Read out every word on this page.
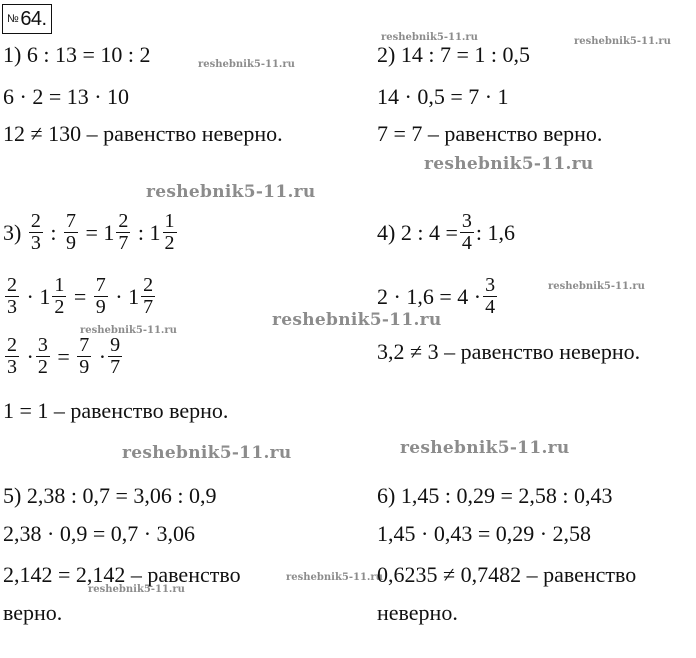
№ 64.
reshebnik5-11.ru
reshebnik5-11.ru
reshebnik5-11.ru
reshebnik5-11.ru
reshebnik5-11.ru
reshebnik5-11.ru
reshebnik5-11.ru
reshebnik5-11.ru
reshebnik5-11.ru
reshebnik5-11.ru
reshebnik5-11.ru
reshebnik5-11.ru
1) 6 : 13 = 10 : 2
6 · 2 = 13 · 10
12 ≠ 130 – равенство неверно.
2) 14 : 7 = 1 : 0,5
14 · 0,5 = 7 · 1
7 = 7 – равенство верно.
3)
$\frac{2}{3}$
:
$\frac{7}{9}$
=
$1 \frac{2}{7}$
:
$1 \frac{1}{2}$
$\frac{2}{3}$
·
$1 \frac{1}{2}$
=
$\frac{7}{9}$
·
$1 \frac{2}{7}$
$\frac{2}{3}$
· $\frac{3}{2}$
=
$\frac{7}{9}$
· $\frac{9}{7}$
1 = 1 – равенство верно.
4) 2 : $4 = \frac{3}{4}$ : 1,6
$2 \cdot 1,6 = 4 \cdot \frac{3}{4}$
3,2 ≠ 3 – равенство неверно.
5) 2,38 : 0,7 = 3,06 : 0,9
2,38 · 0,9 = 0,7 · 3,06
2,142 = 2,142 – равенство
верно.
6) 1,45 : 0,29 = 2,58 : 0,43
1,45 · 0,43 = 0,29 · 2,58
0,6235 ≠ 0,7482 – равенство
неверно.
